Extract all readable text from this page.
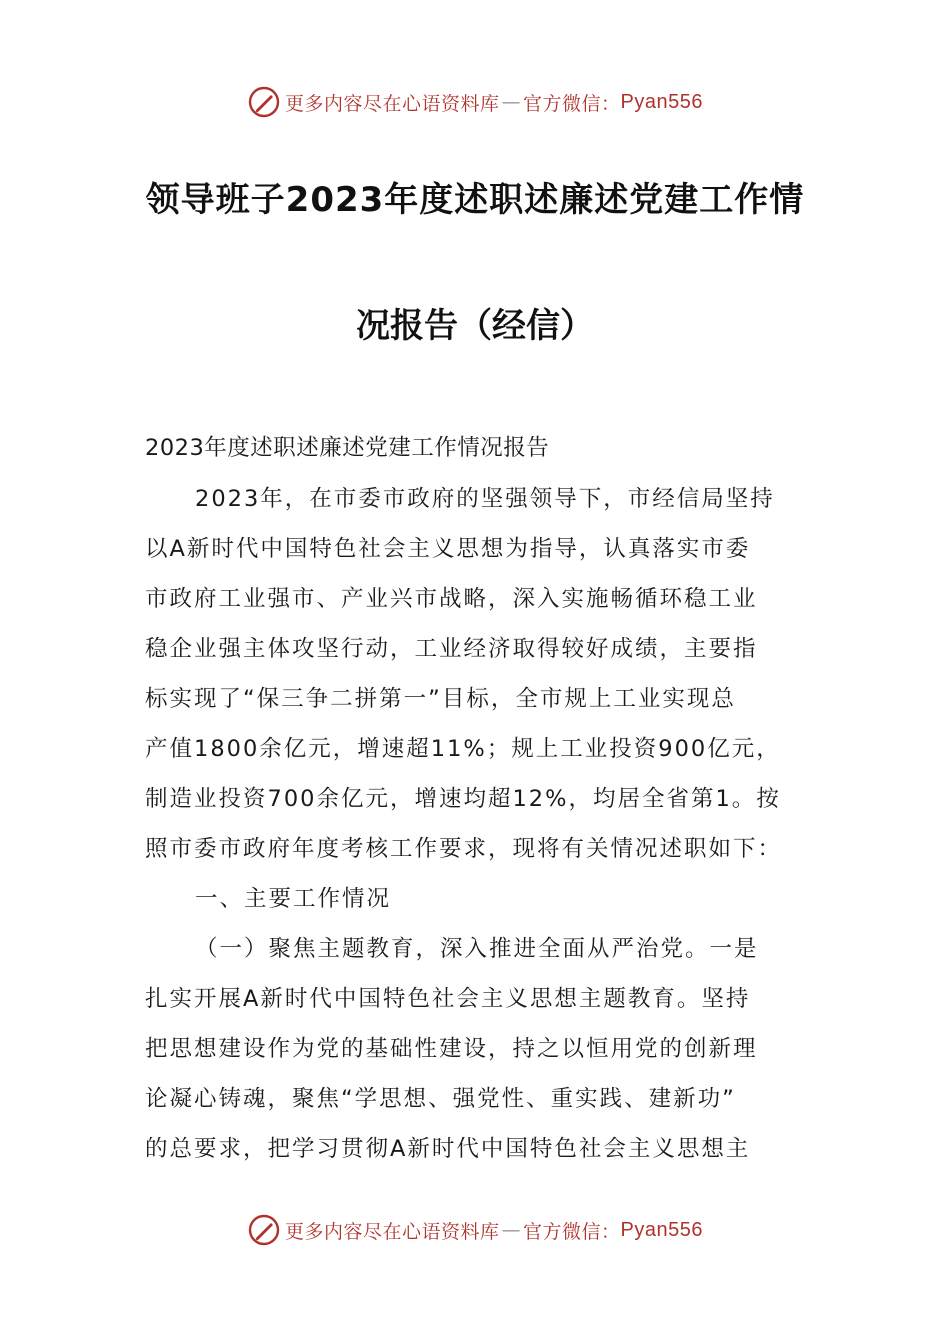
更多内容尽在心语资料库 — 官方微信： Pyan556
领导班子2023年度述职述廉述党建工作情
况报告（经信）
2023年度述职述廉述党建工作情况报告

2023年，在市委市政府的坚强领导下，市经信局坚持

以A新时代中国特色社会主义思想为指导，认真落实市委

市政府工业强市、产业兴市战略，深入实施畅循环稳工业

稳企业强主体攻坚行动，工业经济取得较好成绩，主要指

标实现了“保三争二拼第一”目标，全市规上工业实现总

产值1800余亿元，增速超11%；规上工业投资900亿元，

制造业投资700余亿元，增速均超12%，均居全省第1。按

照市委市政府年度考核工作要求，现将有关情况述职如下：

一、主要工作情况

（一）聚焦主题教育，深入推进全面从严治党。一是

扎实开展A新时代中国特色社会主义思想主题教育。坚持

把思想建设作为党的基础性建设，持之以恒用党的创新理

论凝心铸魂，聚焦“学思想、强党性、重实践、建新功”

的总要求，把学习贯彻A新时代中国特色社会主义思想主

更多内容尽在心语资料库 — 官方微信： Pyan556
